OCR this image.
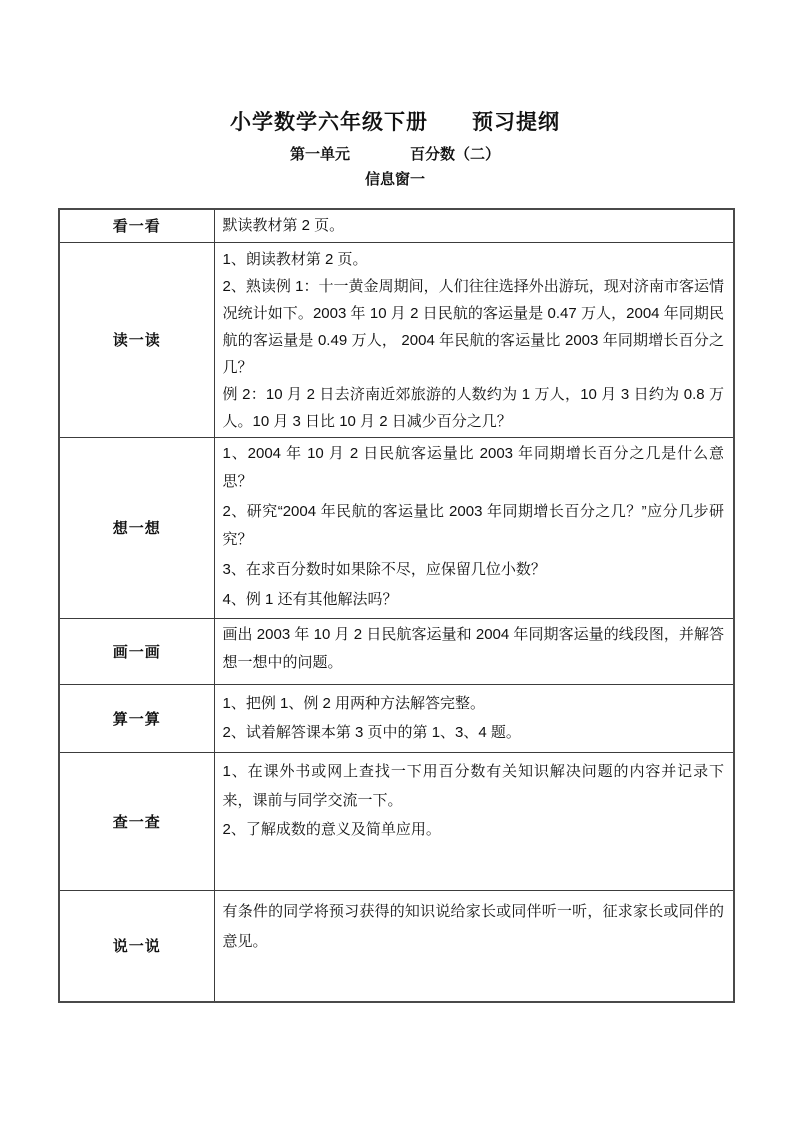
小学数学六年级下册　　预习提纲
第一单元　　　　百分数（二）
信息窗一
看一看	默读教材第 2 页。

读一读	1、朗读教材第 2 页。

2、熟读例 1：十一黄金周期间，人们往往选择外出游玩，现对济南市客运情况统计如下。2003 年 10 月 2 日民航的客运量是 0.47 万人，2004 年同期民航的客运量是 0.49 万人， 2004 年民航的客运量比 2003 年同期增长百分之几？

例 2：10 月 2 日去济南近郊旅游的人数约为 1 万人，10 月 3 日约为 0.8 万人。10 月 3 日比 10 月 2 日减少百分之几？

想一想	1、2004 年 10 月 2 日民航客运量比 2003 年同期增长百分之几是什么意思？

2、研究“2004 年民航的客运量比 2003 年同期增长百分之几？”应分几步研究？

3、在求百分数时如果除不尽，应保留几位小数？

4、例 1 还有其他解法吗？

画一画	画出 2003 年 10 月 2 日民航客运量和 2004 年同期客运量的线段图，并解答想一想中的问题。

算一算	1、把例 1、例 2 用两种方法解答完整。

2、试着解答课本第 3 页中的第 1、3、4 题。

查一查	1、在课外书或网上查找一下用百分数有关知识解决问题的内容并记录下来，课前与同学交流一下。

2、了解成数的意义及简单应用。

说一说	有条件的同学将预习获得的知识说给家长或同伴听一听，征求家长或同伴的意见。
